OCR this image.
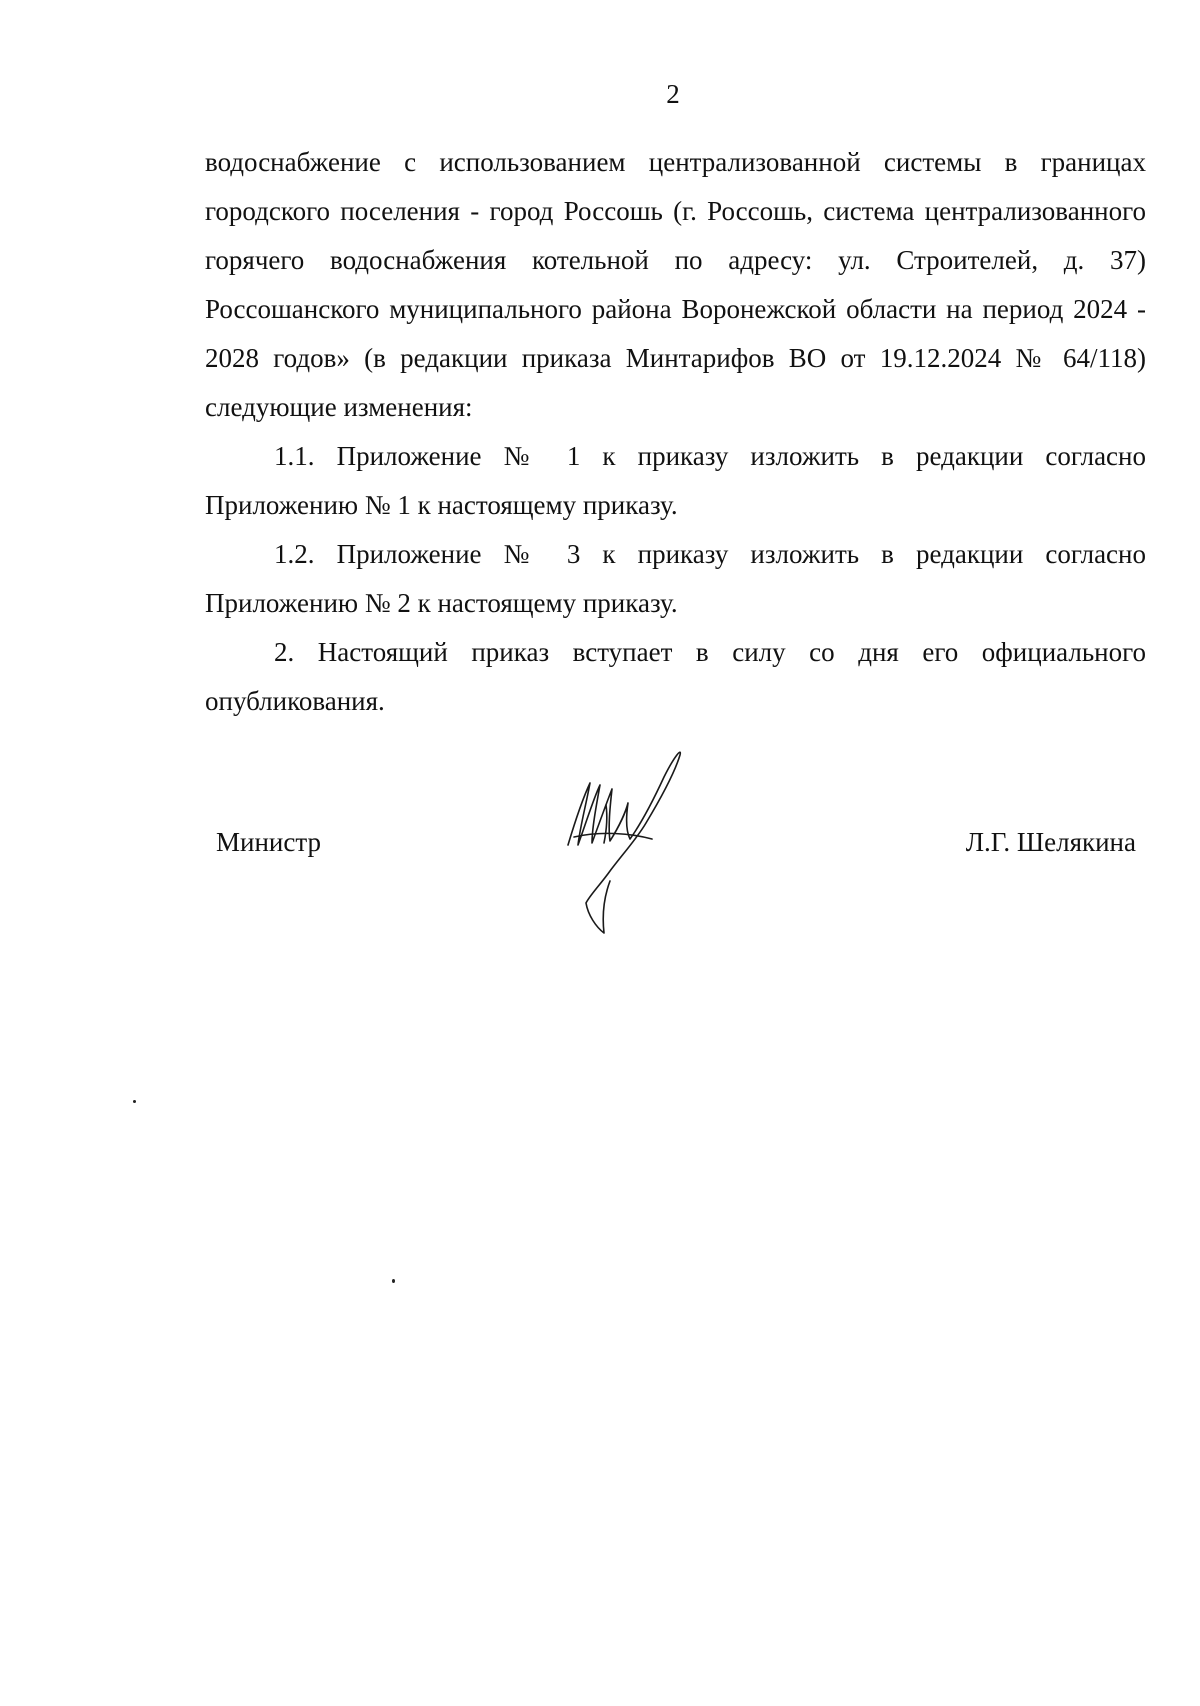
2

водоснабжение с использованием централизованной системы в границах городского поселения - город Россошь (г. Россошь, система централизованного горячего водоснабжения котельной по адресу: ул. Строителей, д. 37) Россошанского муниципального района Воронежской области на период 2024 - 2028 годов» (в редакции приказа Минтарифов ВО от 19.12.2024 № 64/118) следующие изменения:

1.1. Приложение № 1 к приказу изложить в редакции согласно Приложению № 1 к настоящему приказу.

1.2. Приложение № 3 к приказу изложить в редакции согласно Приложению № 2 к настоящему приказу.

2. Настоящий приказ вступает в силу со дня его официального опубликования.

Министр	Л.Г. Шелякина
